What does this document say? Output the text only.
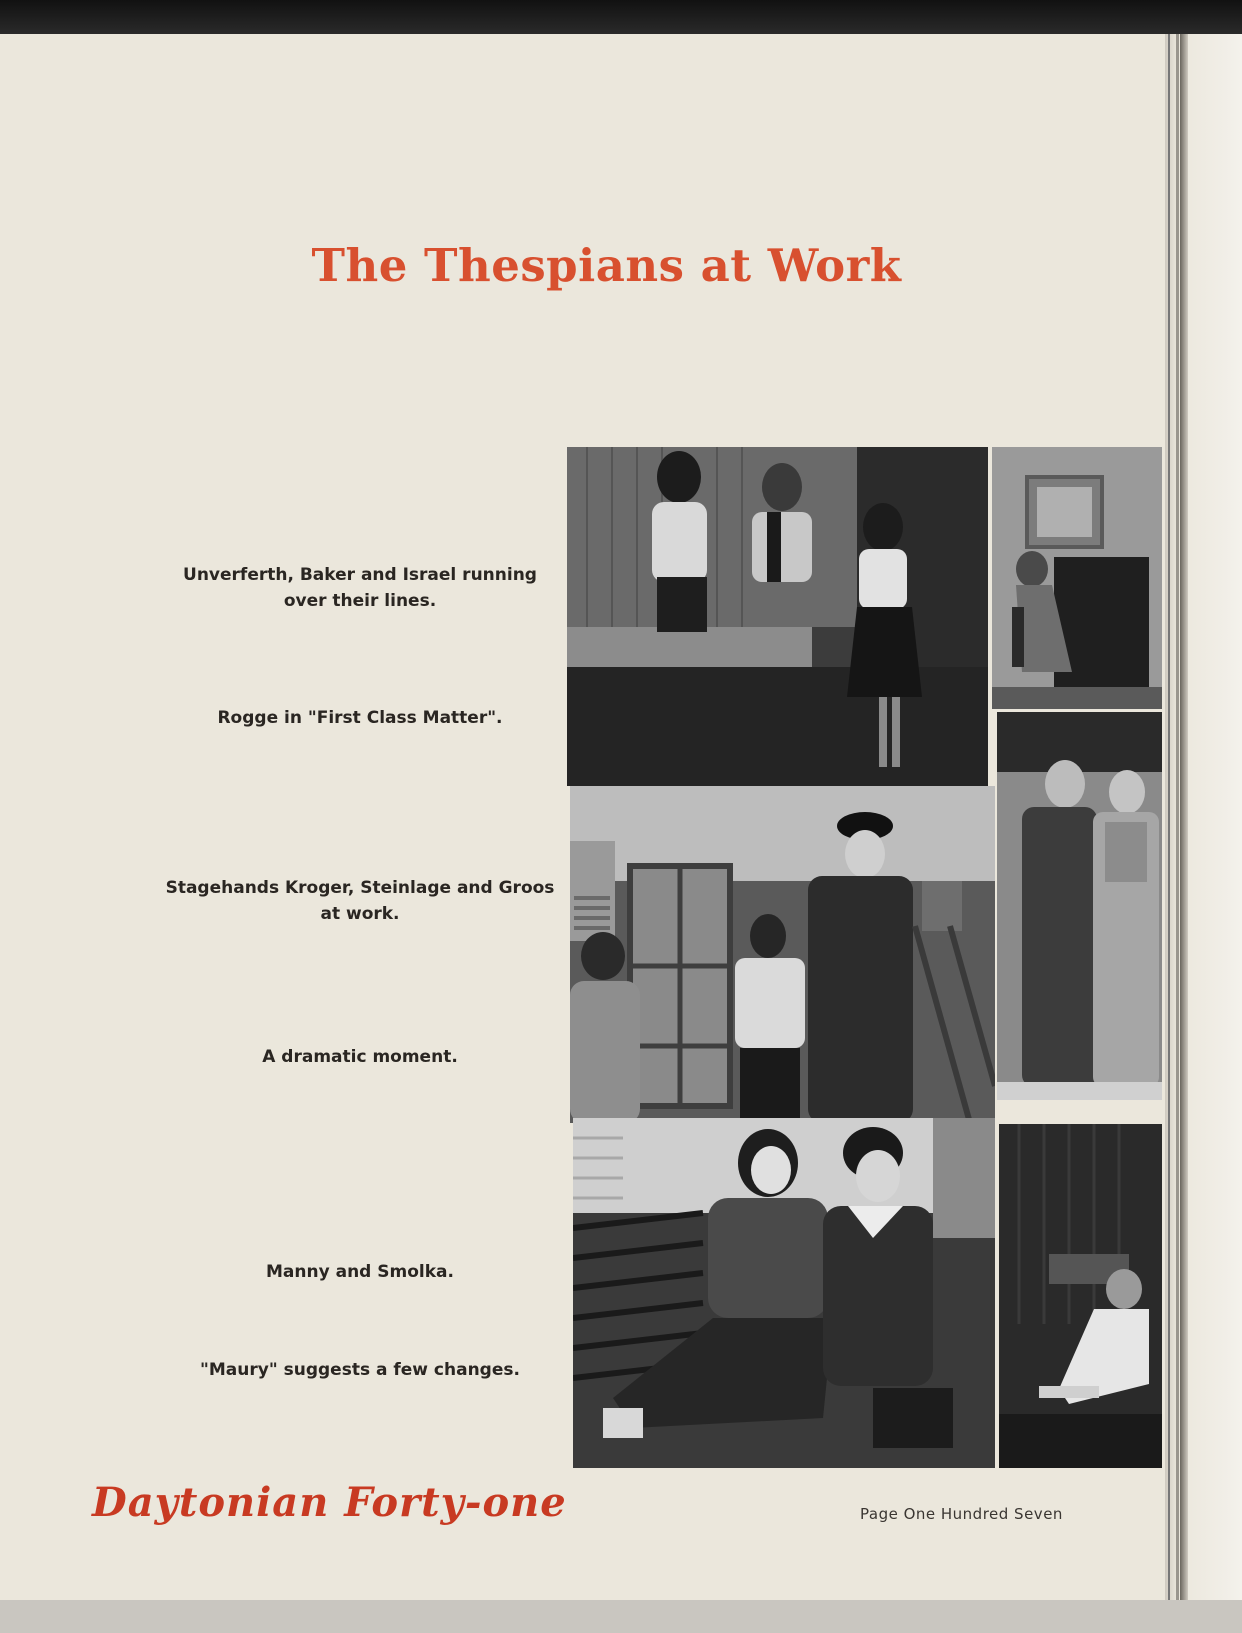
The Thespians at Work

Unverferth, Baker and Israel running over their lines.

Rogge in "First Class Matter".

Stagehands Kroger, Steinlage and Groos at work.

A dramatic moment.

Manny and Smolka.

"Maury" suggests a few changes.

Daytonian Forty-one	Page One Hundred Seven
